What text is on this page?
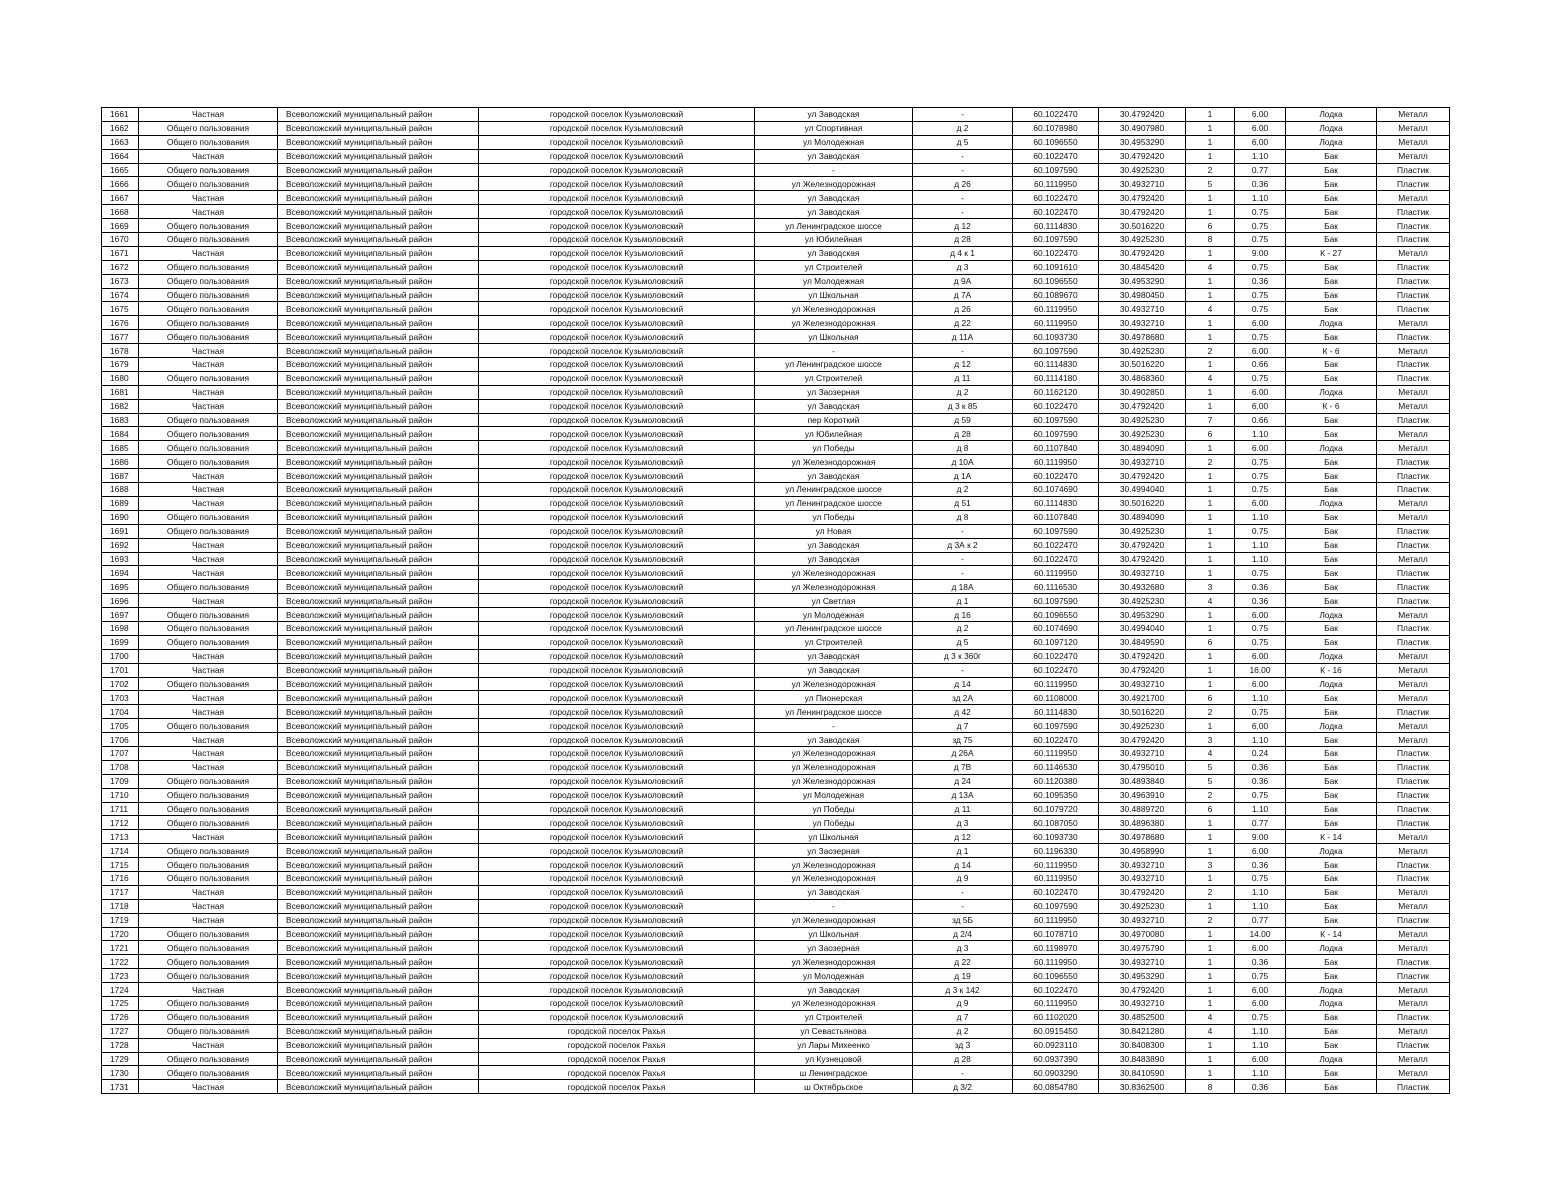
1661	Частная	Всеволожский муниципальный район	городской поселок Кузьмоловский	ул Заводская	-	60.1022470	30.4792420	1	6.00	Лодка	Металл
1662	Общего пользования	Всеволожский муниципальный район	городской поселок Кузьмоловский	ул Спортивная	д 2	60.1078980	30.4907980	1	6.00	Лодка	Металл
1663	Общего пользования	Всеволожский муниципальный район	городской поселок Кузьмоловский	ул Молодежная	д 5	60.1096550	30.4953290	1	6.00	Лодка	Металл
1664	Частная	Всеволожский муниципальный район	городской поселок Кузьмоловский	ул Заводская	-	60.1022470	30.4792420	1	1.10	Бак	Металл
1665	Общего пользования	Всеволожский муниципальный район	городской поселок Кузьмоловский	-	-	60.1097590	30.4925230	2	0.77	Бак	Пластик
1666	Общего пользования	Всеволожский муниципальный район	городской поселок Кузьмоловский	ул Железнодорожная	д 26	60.1119950	30.4932710	5	0.36	Бак	Пластик
1667	Частная	Всеволожский муниципальный район	городской поселок Кузьмоловский	ул Заводская	-	60.1022470	30.4792420	1	1.10	Бак	Металл
1668	Частная	Всеволожский муниципальный район	городской поселок Кузьмоловский	ул Заводская	-	60.1022470	30.4792420	1	0.75	Бак	Пластик
1669	Общего пользования	Всеволожский муниципальный район	городской поселок Кузьмоловский	ул Ленинградское шоссе	д 12	60.1114830	30.5016220	6	0.75	Бак	Пластик
1670	Общего пользования	Всеволожский муниципальный район	городской поселок Кузьмоловский	ул Юбилейная	д 28	60.1097590	30.4925230	8	0.75	Бак	Пластик
1671	Частная	Всеволожский муниципальный район	городской поселок Кузьмоловский	ул Заводская	д 4 к 1	60.1022470	30.4792420	1	9.00	К - 27	Металл
1672	Общего пользования	Всеволожский муниципальный район	городской поселок Кузьмоловский	ул Строителей	д 3	60.1091610	30.4845420	4	0.75	Бак	Пластик
1673	Общего пользования	Всеволожский муниципальный район	городской поселок Кузьмоловский	ул Молодежная	д 9А	60.1096550	30.4953290	1	0.36	Бак	Пластик
1674	Общего пользования	Всеволожский муниципальный район	городской поселок Кузьмоловский	ул Школьная	д 7А	60.1089670	30.4980450	1	0.75	Бак	Пластик
1675	Общего пользования	Всеволожский муниципальный район	городской поселок Кузьмоловский	ул Железнодорожная	д 26	60.1119950	30.4932710	4	0.75	Бак	Пластик
1676	Общего пользования	Всеволожский муниципальный район	городской поселок Кузьмоловский	ул Железнодорожная	д 22	60.1119950	30.4932710	1	6.00	Лодка	Металл
1677	Общего пользования	Всеволожский муниципальный район	городской поселок Кузьмоловский	ул Школьная	д 11А	60.1093730	30.4978680	1	0.75	Бак	Пластик
1678	Частная	Всеволожский муниципальный район	городской поселок Кузьмоловский	-	-	60.1097590	30.4925230	2	6.00	К - 6	Металл
1679	Частная	Всеволожский муниципальный район	городской поселок Кузьмоловский	ул Ленинградское шоссе	д 12	60.1114830	30.5016220	1	0.66	Бак	Пластик
1680	Общего пользования	Всеволожский муниципальный район	городской поселок Кузьмоловский	ул Строителей	д 11	60.1114180	30.4868360	4	0.75	Бак	Пластик
1681	Частная	Всеволожский муниципальный район	городской поселок Кузьмоловский	ул Заозерная	д 2	60.1162120	30.4902850	1	6.00	Лодка	Металл
1682	Частная	Всеволожский муниципальный район	городской поселок Кузьмоловский	ул Заводская	д 3 к 85	60.1022470	30.4792420	1	6.00	К - 6	Металл
1683	Общего пользования	Всеволожский муниципальный район	городской поселок Кузьмоловский	пер Короткий	д 59	60.1097590	30.4925230	7	0.66	Бак	Пластик
1684	Общего пользования	Всеволожский муниципальный район	городской поселок Кузьмоловский	ул Юбилейная	д 28	60.1097590	30.4925230	6	1.10	Бак	Металл
1685	Общего пользования	Всеволожский муниципальный район	городской поселок Кузьмоловский	ул Победы	д 8	60.1107840	30.4894090	1	6.00	Лодка	Металл
1686	Общего пользования	Всеволожский муниципальный район	городской поселок Кузьмоловский	ул Железнодорожная	д 10А	60.1119950	30.4932710	2	0.75	Бак	Пластик
1687	Частная	Всеволожский муниципальный район	городской поселок Кузьмоловский	ул Заводская	д 1А	60.1022470	30.4792420	1	0.75	Бак	Пластик
1688	Частная	Всеволожский муниципальный район	городской поселок Кузьмоловский	ул Ленинградское шоссе	д 2	60.1074690	30.4994040	1	0.75	Бак	Пластик
1689	Частная	Всеволожский муниципальный район	городской поселок Кузьмоловский	ул Ленинградское шоссе	д 51	60.1114830	30.5016220	1	6.00	Лодка	Металл
1690	Общего пользования	Всеволожский муниципальный район	городской поселок Кузьмоловский	ул Победы	д 8	60.1107840	30.4894090	1	1.10	Бак	Металл
1691	Общего пользования	Всеволожский муниципальный район	городской поселок Кузьмоловский	ул Новая	-	60.1097590	30.4925230	1	0.75	Бак	Пластик
1692	Частная	Всеволожский муниципальный район	городской поселок Кузьмоловский	ул Заводская	д 3А к 2	60.1022470	30.4792420	1	1.10	Бак	Пластик
1693	Частная	Всеволожский муниципальный район	городской поселок Кузьмоловский	ул Заводская	-	60.1022470	30.4792420	1	1.10	Бак	Металл
1694	Частная	Всеволожский муниципальный район	городской поселок Кузьмоловский	ул Железнодорожная	-	60.1119950	30.4932710	1	0.75	Бак	Пластик
1695	Общего пользования	Всеволожский муниципальный район	городской поселок Кузьмоловский	ул Железнодорожная	д 18А	60.1116530	30.4932680	3	0.36	Бак	Пластик
1696	Частная	Всеволожский муниципальный район	городской поселок Кузьмоловский	ул Светлая	д 1	60.1097590	30.4925230	4	0.36	Бак	Пластик
1697	Общего пользования	Всеволожский муниципальный район	городской поселок Кузьмоловский	ул Молодежная	д 16	60.1096550	30.4953290	1	6.00	Лодка	Металл
1698	Общего пользования	Всеволожский муниципальный район	городской поселок Кузьмоловский	ул Ленинградское шоссе	д 2	60.1074690	30.4994040	1	0.75	Бак	Пластик
1699	Общего пользования	Всеволожский муниципальный район	городской поселок Кузьмоловский	ул Строителей	д 5	60.1097120	30.4849590	6	0.75	Бак	Пластик
1700	Частная	Всеволожский муниципальный район	городской поселок Кузьмоловский	ул Заводская	д 3 к 360г	60.1022470	30.4792420	1	6.00	Лодка	Металл
1701	Частная	Всеволожский муниципальный район	городской поселок Кузьмоловский	ул Заводская	-	60.1022470	30.4792420	1	16.00	К - 16	Металл
1702	Общего пользования	Всеволожский муниципальный район	городской поселок Кузьмоловский	ул Железнодорожная	д 14	60.1119950	30.4932710	1	6.00	Лодка	Металл
1703	Частная	Всеволожский муниципальный район	городской поселок Кузьмоловский	ул Пионерская	зд 2А	60.1108000	30.4921700	6	1.10	Бак	Металл
1704	Частная	Всеволожский муниципальный район	городской поселок Кузьмоловский	ул Ленинградское шоссе	д 42	60.1114830	30.5016220	2	0.75	Бак	Пластик
1705	Общего пользования	Всеволожский муниципальный район	городской поселок Кузьмоловский	-	д 7	60.1097590	30.4925230	1	6.00	Лодка	Металл
1706	Частная	Всеволожский муниципальный район	городской поселок Кузьмоловский	ул Заводская	зд 75	60.1022470	30.4792420	3	1.10	Бак	Металл
1707	Частная	Всеволожский муниципальный район	городской поселок Кузьмоловский	ул Железнодорожная	д 26А	60.1119950	30.4932710	4	0.24	Бак	Пластик
1708	Частная	Всеволожский муниципальный район	городской поселок Кузьмоловский	ул Железнодорожная	д 7В	60.1146530	30.4795010	5	0.36	Бак	Пластик
1709	Общего пользования	Всеволожский муниципальный район	городской поселок Кузьмоловский	ул Железнодорожная	д 24	60.1120380	30.4893840	5	0.36	Бак	Пластик
1710	Общего пользования	Всеволожский муниципальный район	городской поселок Кузьмоловский	ул Молодежная	д 13А	60.1095350	30.4963910	2	0.75	Бак	Пластик
1711	Общего пользования	Всеволожский муниципальный район	городской поселок Кузьмоловский	ул Победы	д 11	60.1079720	30.4889720	6	1.10	Бак	Пластик
1712	Общего пользования	Всеволожский муниципальный район	городской поселок Кузьмоловский	ул Победы	д 3	60.1087050	30.4896380	1	0.77	Бак	Пластик
1713	Частная	Всеволожский муниципальный район	городской поселок Кузьмоловский	ул Школьная	д 12	60.1093730	30.4978680	1	9.00	К - 14	Металл
1714	Общего пользования	Всеволожский муниципальный район	городской поселок Кузьмоловский	ул Заозерная	д 1	60.1196330	30.4958990	1	6.00	Лодка	Металл
1715	Общего пользования	Всеволожский муниципальный район	городской поселок Кузьмоловский	ул Железнодорожная	д 14	60.1119950	30.4932710	3	0.36	Бак	Пластик
1716	Общего пользования	Всеволожский муниципальный район	городской поселок Кузьмоловский	ул Железнодорожная	д 9	60.1119950	30.4932710	1	0.75	Бак	Пластик
1717	Частная	Всеволожский муниципальный район	городской поселок Кузьмоловский	ул Заводская	-	60.1022470	30.4792420	2	1.10	Бак	Металл
1718	Частная	Всеволожский муниципальный район	городской поселок Кузьмоловский	-	-	60.1097590	30.4925230	1	1.10	Бак	Металл
1719	Частная	Всеволожский муниципальный район	городской поселок Кузьмоловский	ул Железнодорожная	зд 5Б	60.1119950	30.4932710	2	0.77	Бак	Пластик
1720	Общего пользования	Всеволожский муниципальный район	городской поселок Кузьмоловский	ул Школьная	д 2/4	60.1078710	30.4970080	1	14.00	К - 14	Металл
1721	Общего пользования	Всеволожский муниципальный район	городской поселок Кузьмоловский	ул Заозерная	д 3	60.1198970	30.4975790	1	6.00	Лодка	Металл
1722	Общего пользования	Всеволожский муниципальный район	городской поселок Кузьмоловский	ул Железнодорожная	д 22	60.1119950	30.4932710	1	0.36	Бак	Пластик
1723	Общего пользования	Всеволожский муниципальный район	городской поселок Кузьмоловский	ул Молодежная	д 19	60.1096550	30.4953290	1	0.75	Бак	Пластик
1724	Частная	Всеволожский муниципальный район	городской поселок Кузьмоловский	ул Заводская	д 3 к 142	60.1022470	30.4792420	1	6.00	Лодка	Металл
1725	Общего пользования	Всеволожский муниципальный район	городской поселок Кузьмоловский	ул Железнодорожная	д 9	60.1119950	30.4932710	1	6.00	Лодка	Металл
1726	Общего пользования	Всеволожский муниципальный район	городской поселок Кузьмоловский	ул Строителей	д 7	60.1102020	30.4852500	4	0.75	Бак	Пластик
1727	Общего пользования	Всеволожский муниципальный район	городской поселок Рахья	ул Севастьянова	д 2	60.0915450	30.8421280	4	1.10	Бак	Металл
1728	Частная	Всеволожский муниципальный район	городской поселок Рахья	ул Лары Михеенко	зд 3	60.0923110	30.8408300	1	1.10	Бак	Пластик
1729	Общего пользования	Всеволожский муниципальный район	городской поселок Рахья	ул Кузнецовой	д 28	60.0937390	30.8483890	1	6.00	Лодка	Металл
1730	Общего пользования	Всеволожский муниципальный район	городской поселок Рахья	ш Ленинградское	-	60.0903290	30.8410590	1	1.10	Бак	Металл
1731	Частная	Всеволожский муниципальный район	городской поселок Рахья	ш Октябрьское	д 3/2	60.0854780	30.8362500	8	0.36	Бак	Пластик
